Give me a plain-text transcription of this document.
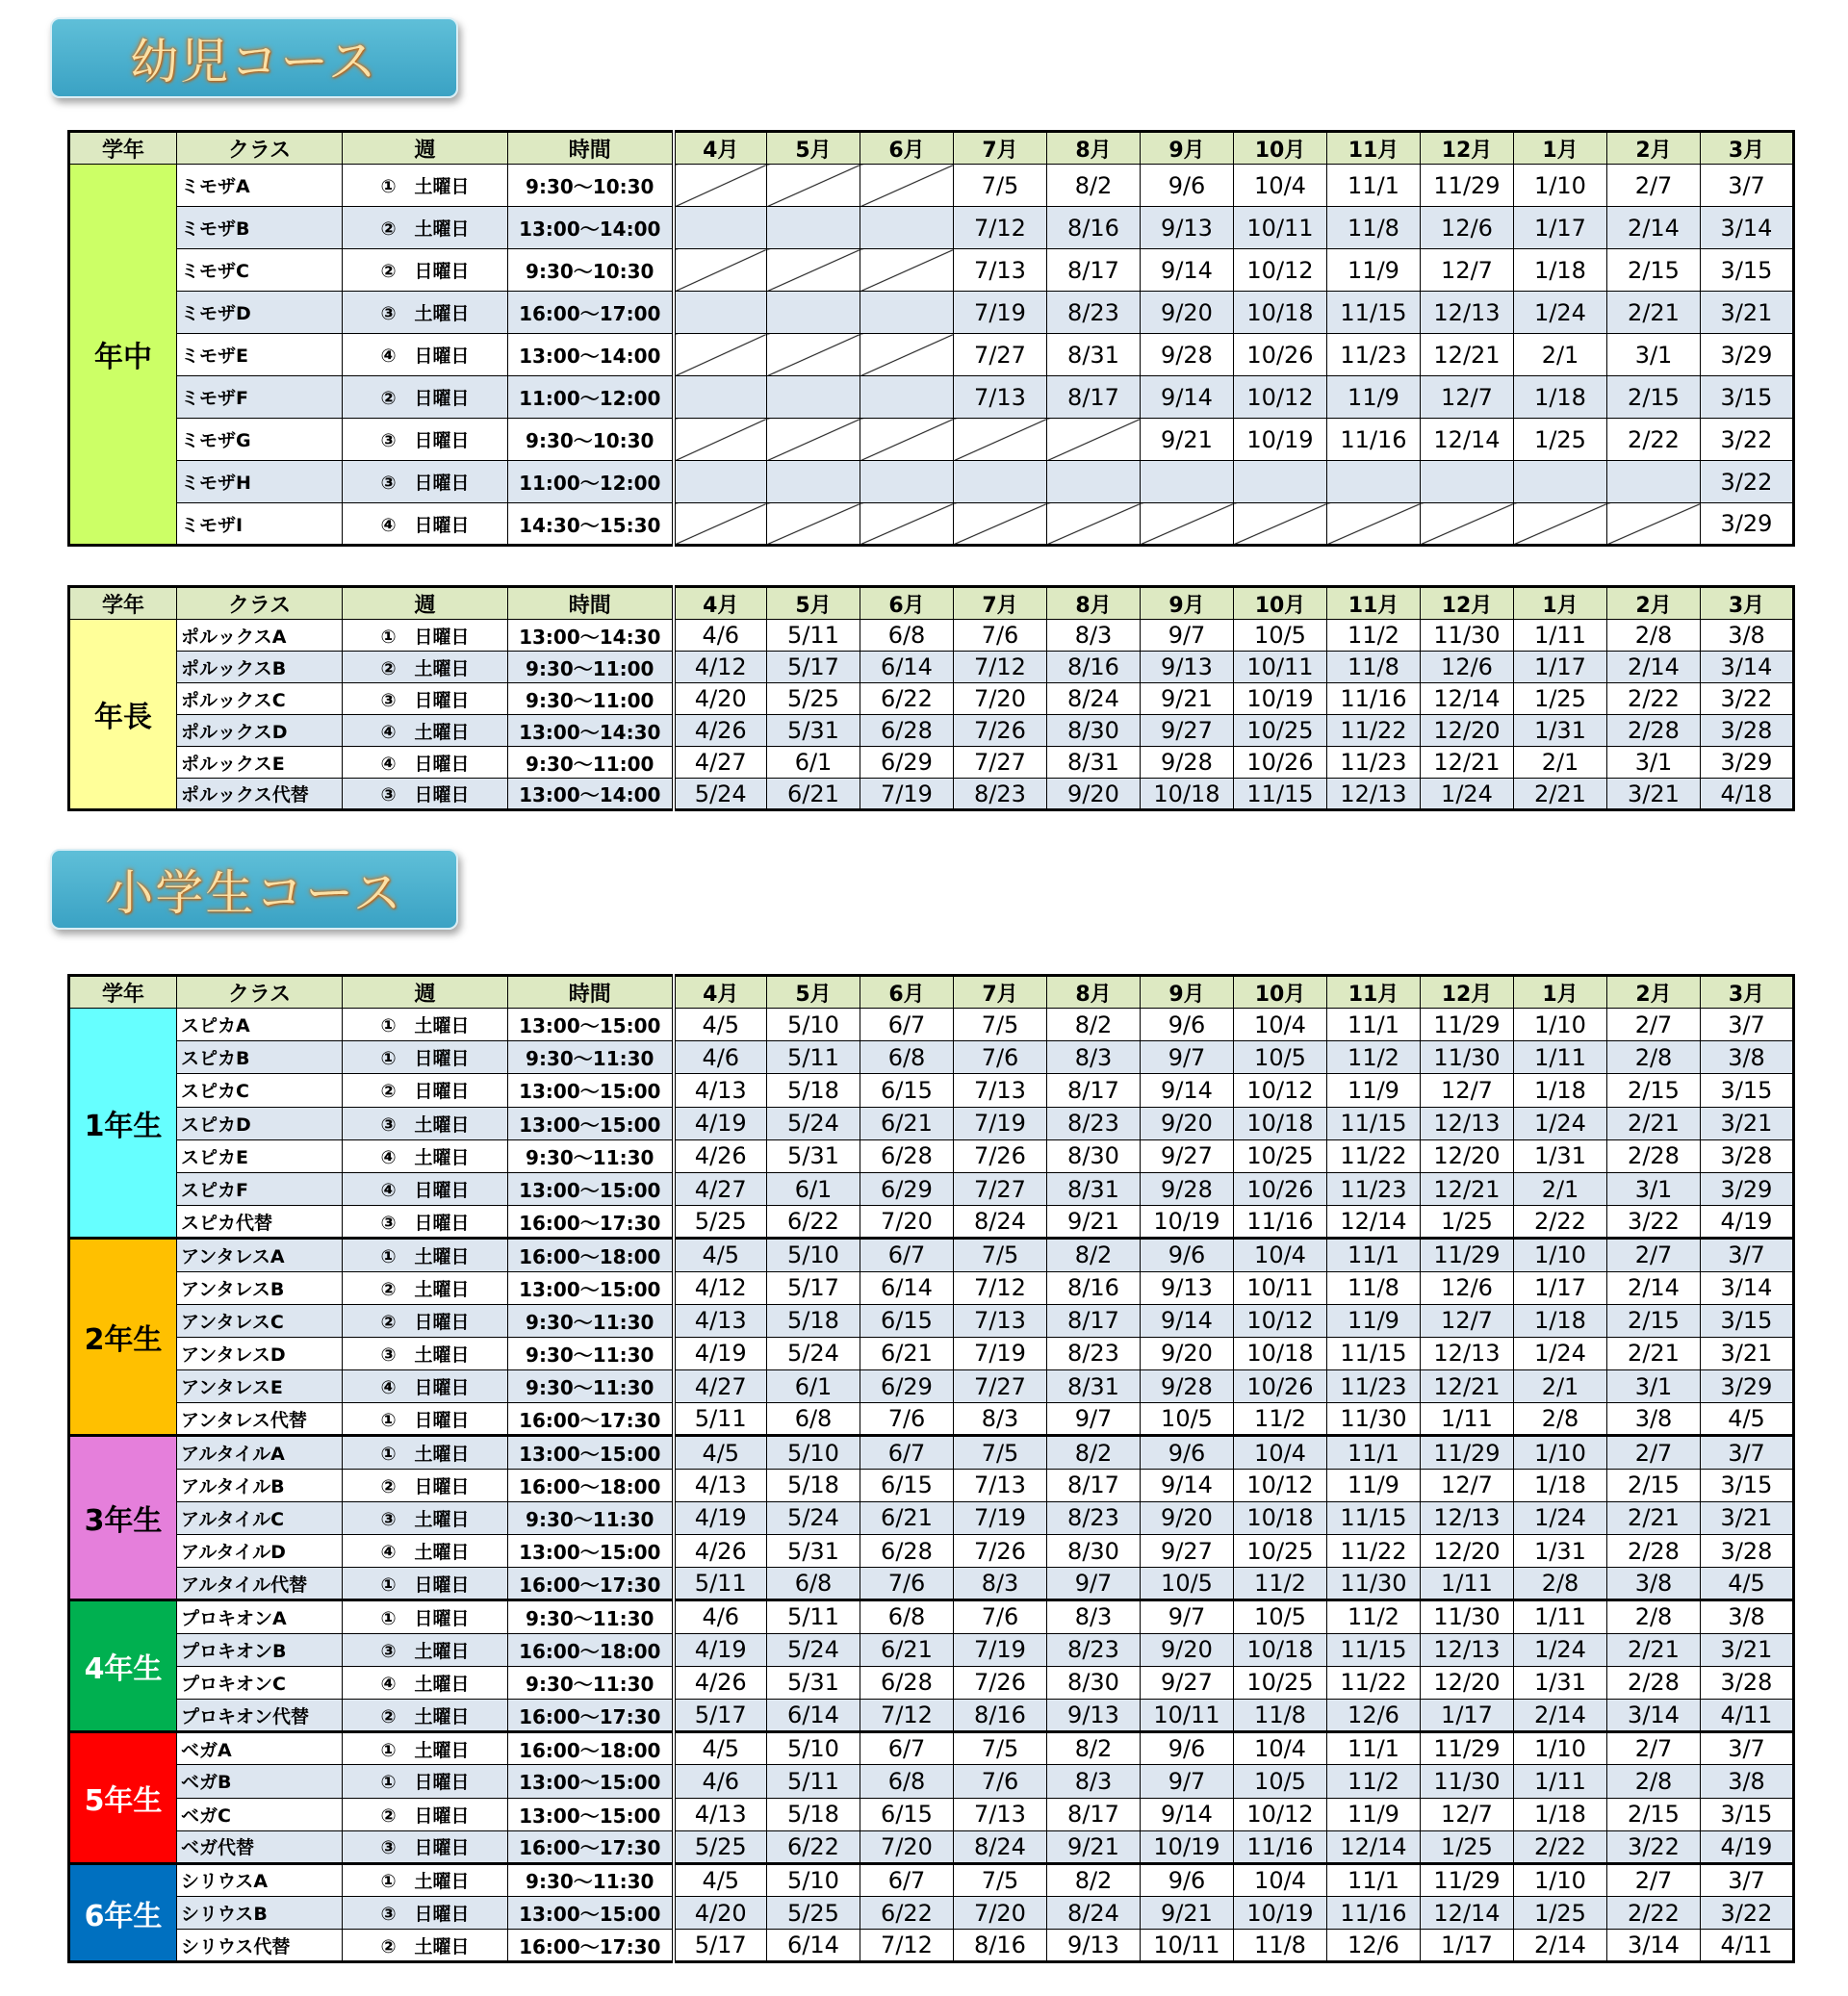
幼児コース
学年	クラス	週	時間	4月	5月	6月	7月	8月	9月	10月	11月	12月	1月	2月	3月
年中	ミモザA	①　土曜日	9:30～10:30				7/5	8/2	9/6	10/4	11/1	11/29	1/10	2/7	3/7
	ミモザB	②　土曜日	13:00～14:00				7/12	8/16	9/13	10/11	11/8	12/6	1/17	2/14	3/14
	ミモザC	②　日曜日	9:30～10:30				7/13	8/17	9/14	10/12	11/9	12/7	1/18	2/15	3/15
	ミモザD	③　土曜日	16:00～17:00				7/19	8/23	9/20	10/18	11/15	12/13	1/24	2/21	3/21
	ミモザE	④　日曜日	13:00～14:00				7/27	8/31	9/28	10/26	11/23	12/21	2/1	3/1	3/29
	ミモザF	②　日曜日	11:00～12:00				7/13	8/17	9/14	10/12	11/9	12/7	1/18	2/15	3/15
	ミモザG	③　日曜日	9:30～10:30						9/21	10/19	11/16	12/14	1/25	2/22	3/22
	ミモザH	③　日曜日	11:00～12:00												3/22
	ミモザI	④　日曜日	14:30～15:30												3/29
学年	クラス	週	時間	4月	5月	6月	7月	8月	9月	10月	11月	12月	1月	2月	3月
年長	ポルックスA	①　日曜日	13:00～14:30	4/6	5/11	6/8	7/6	8/3	9/7	10/5	11/2	11/30	1/11	2/8	3/8
	ポルックスB	②　土曜日	9:30～11:00	4/12	5/17	6/14	7/12	8/16	9/13	10/11	11/8	12/6	1/17	2/14	3/14
	ポルックスC	③　日曜日	9:30～11:00	4/20	5/25	6/22	7/20	8/24	9/21	10/19	11/16	12/14	1/25	2/22	3/22
	ポルックスD	④　土曜日	13:00～14:30	4/26	5/31	6/28	7/26	8/30	9/27	10/25	11/22	12/20	1/31	2/28	3/28
	ポルックスE	④　日曜日	9:30～11:00	4/27	6/1	6/29	7/27	8/31	9/28	10/26	11/23	12/21	2/1	3/1	3/29
	ポルックス代替	③　日曜日	13:00～14:00	5/24	6/21	7/19	8/23	9/20	10/18	11/15	12/13	1/24	2/21	3/21	4/18
小学生コース
学年	クラス	週	時間	4月	5月	6月	7月	8月	9月	10月	11月	12月	1月	2月	3月
1年生	スピカA	①　土曜日	13:00～15:00	4/5	5/10	6/7	7/5	8/2	9/6	10/4	11/1	11/29	1/10	2/7	3/7
	スピカB	①　日曜日	9:30～11:30	4/6	5/11	6/8	7/6	8/3	9/7	10/5	11/2	11/30	1/11	2/8	3/8
	スピカC	②　日曜日	13:00～15:00	4/13	5/18	6/15	7/13	8/17	9/14	10/12	11/9	12/7	1/18	2/15	3/15
	スピカD	③　土曜日	13:00～15:00	4/19	5/24	6/21	7/19	8/23	9/20	10/18	11/15	12/13	1/24	2/21	3/21
	スピカE	④　土曜日	9:30～11:30	4/26	5/31	6/28	7/26	8/30	9/27	10/25	11/22	12/20	1/31	2/28	3/28
	スピカF	④　日曜日	13:00～15:00	4/27	6/1	6/29	7/27	8/31	9/28	10/26	11/23	12/21	2/1	3/1	3/29
	スピカ代替	③　日曜日	16:00～17:30	5/25	6/22	7/20	8/24	9/21	10/19	11/16	12/14	1/25	2/22	3/22	4/19
2年生	アンタレスA	①　土曜日	16:00～18:00	4/5	5/10	6/7	7/5	8/2	9/6	10/4	11/1	11/29	1/10	2/7	3/7
	アンタレスB	②　土曜日	13:00～15:00	4/12	5/17	6/14	7/12	8/16	9/13	10/11	11/8	12/6	1/17	2/14	3/14
	アンタレスC	②　日曜日	9:30～11:30	4/13	5/18	6/15	7/13	8/17	9/14	10/12	11/9	12/7	1/18	2/15	3/15
	アンタレスD	③　土曜日	9:30～11:30	4/19	5/24	6/21	7/19	8/23	9/20	10/18	11/15	12/13	1/24	2/21	3/21
	アンタレスE	④　日曜日	9:30～11:30	4/27	6/1	6/29	7/27	8/31	9/28	10/26	11/23	12/21	2/1	3/1	3/29
	アンタレス代替	①　日曜日	16:00～17:30	5/11	6/8	7/6	8/3	9/7	10/5	11/2	11/30	1/11	2/8	3/8	4/5
3年生	アルタイルA	①　土曜日	13:00～15:00	4/5	5/10	6/7	7/5	8/2	9/6	10/4	11/1	11/29	1/10	2/7	3/7
	アルタイルB	②　日曜日	16:00～18:00	4/13	5/18	6/15	7/13	8/17	9/14	10/12	11/9	12/7	1/18	2/15	3/15
	アルタイルC	③　土曜日	9:30～11:30	4/19	5/24	6/21	7/19	8/23	9/20	10/18	11/15	12/13	1/24	2/21	3/21
	アルタイルD	④　土曜日	13:00～15:00	4/26	5/31	6/28	7/26	8/30	9/27	10/25	11/22	12/20	1/31	2/28	3/28
	アルタイル代替	①　日曜日	16:00～17:30	5/11	6/8	7/6	8/3	9/7	10/5	11/2	11/30	1/11	2/8	3/8	4/5
4年生	プロキオンA	①　日曜日	9:30～11:30	4/6	5/11	6/8	7/6	8/3	9/7	10/5	11/2	11/30	1/11	2/8	3/8
	プロキオンB	③　土曜日	16:00～18:00	4/19	5/24	6/21	7/19	8/23	9/20	10/18	11/15	12/13	1/24	2/21	3/21
	プロキオンC	④　土曜日	9:30～11:30	4/26	5/31	6/28	7/26	8/30	9/27	10/25	11/22	12/20	1/31	2/28	3/28
	プロキオン代替	②　土曜日	16:00～17:30	5/17	6/14	7/12	8/16	9/13	10/11	11/8	12/6	1/17	2/14	3/14	4/11
5年生	ベガA	①　土曜日	16:00～18:00	4/5	5/10	6/7	7/5	8/2	9/6	10/4	11/1	11/29	1/10	2/7	3/7
	ベガB	①　日曜日	13:00～15:00	4/6	5/11	6/8	7/6	8/3	9/7	10/5	11/2	11/30	1/11	2/8	3/8
	ベガC	②　日曜日	13:00～15:00	4/13	5/18	6/15	7/13	8/17	9/14	10/12	11/9	12/7	1/18	2/15	3/15
	ベガ代替	③　日曜日	16:00～17:30	5/25	6/22	7/20	8/24	9/21	10/19	11/16	12/14	1/25	2/22	3/22	4/19
6年生	シリウスA	①　土曜日	9:30～11:30	4/5	5/10	6/7	7/5	8/2	9/6	10/4	11/1	11/29	1/10	2/7	3/7
	シリウスB	③　日曜日	13:00～15:00	4/20	5/25	6/22	7/20	8/24	9/21	10/19	11/16	12/14	1/25	2/22	3/22
	シリウス代替	②　土曜日	16:00～17:30	5/17	6/14	7/12	8/16	9/13	10/11	11/8	12/6	1/17	2/14	3/14	4/11
